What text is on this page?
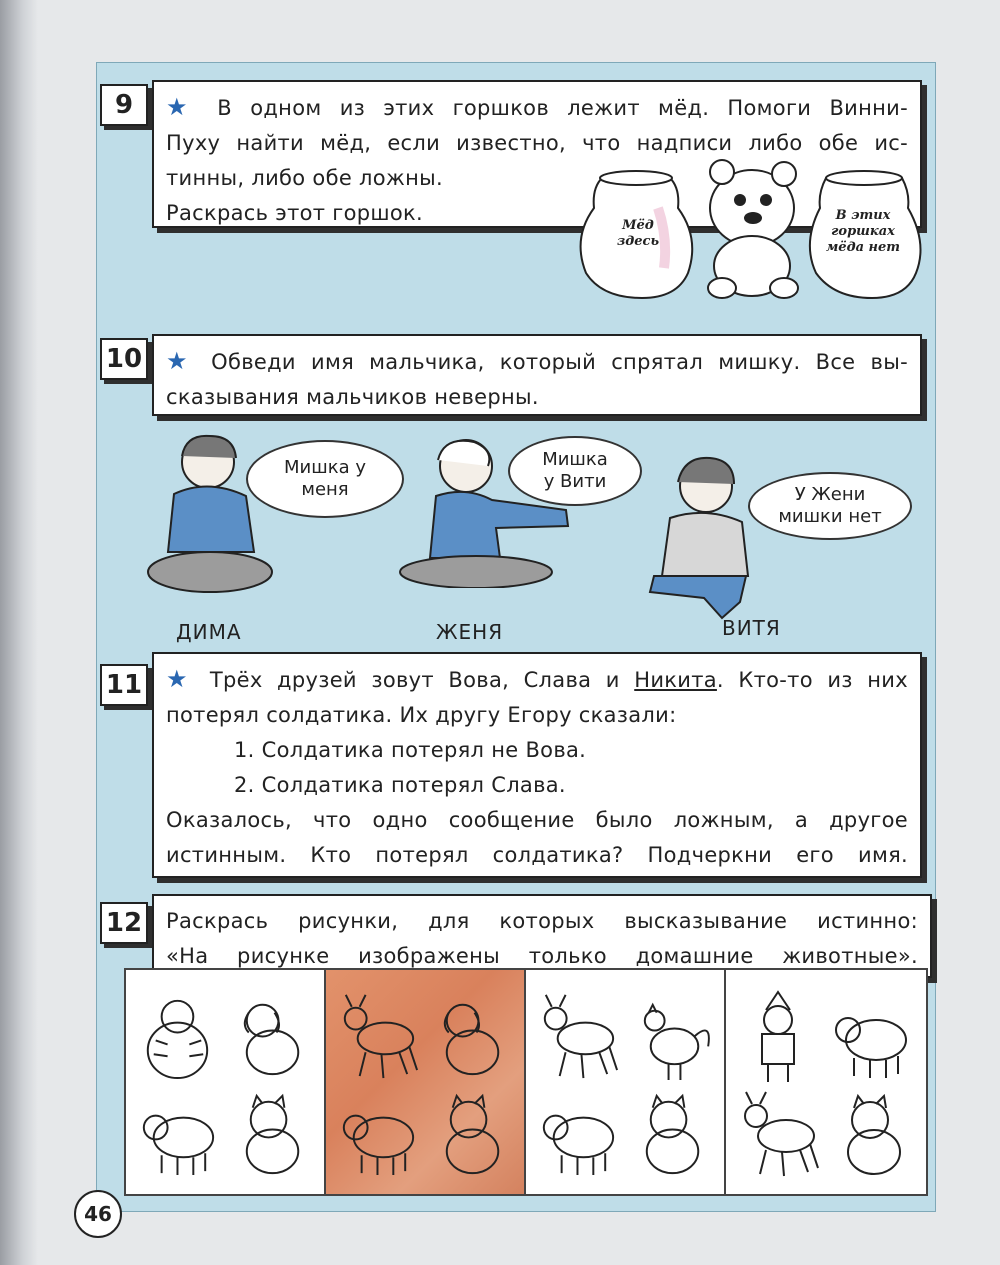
9	★ В одном из этих горшков лежит мёд. Помоги Винни-
Пуху найти мёд, если известно, что надписи либо обе ис-
тинны, либо обе ложны.
Раскрась этот горшок.
Мёд здесь
В этих горшках мёда нет
10 ★ Обведи имя мальчика, который спрятал мишку. Все вы-
сказывания мальчиков неверны.
Мишка у меня
ДИМА
Мишка у Вити
ЖЕНЯ
У Жени мишки нет
ВИТЯ
11 ★ Трёх друзей зовут Вова, Слава и Никита. Кто-то из них
потерял солдатика. Их другу Егору сказали:
1. Солдатика потерял не Вова.
2. Солдатика потерял Слава.
Оказалось, что одно сообщение было ложным, а другое
истинным. Кто потерял солдатика? Подчеркни его имя.
12 Раскрась рисунки, для которых высказывание истинно:
«На рисунке изображены только домашние животные».
46
